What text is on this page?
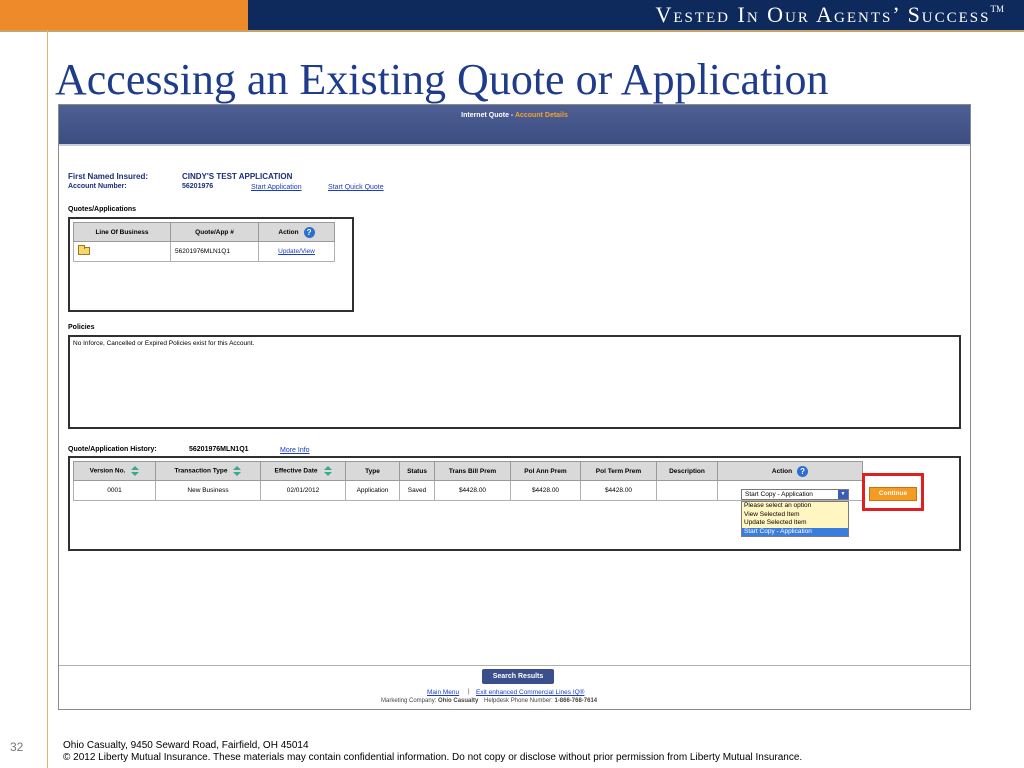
Vested In Our Agents’ Success™
Accessing an Existing Quote or Application
Internet Quote - Account Details
First Named Insured:	CINDY'S TEST APPLICATION
Account Number:	56201976	Start Application	Start Quick Quote
Quotes/Applications
Line Of Business	Quote/App #	Action ?
	56201976MLN1Q1	Update/View
Policies
No Inforce, Cancelled or Expired Policies exist for this Account.
Quote/Application History:	56201976MLN1Q1	More Info
Version No.	Transaction Type	Effective Date	Type	Status	Trans Bill Prem	Pol Ann Prem	Pol Term Prem	Description	Action ?
0001	New Business	02/01/2012	Application	Saved	$4428.00	$4428.00	$4428.00		
Start Copy - Application	▼
Please select an option
View Selected Item
Update Selected Item
Start Copy - Application
Continue
Search Results
Main Menu | Exit enhanced Commercial Lines IQ®
Marketing Company: Ohio Casualty Helpdesk Phone Number: 1-866-768-7614
32	Ohio Casualty, 9450 Seward Road, Fairfield, OH 45014
© 2012 Liberty Mutual Insurance. These materials may contain confidential information. Do not copy or disclose without prior permission from Liberty Mutual Insurance.
